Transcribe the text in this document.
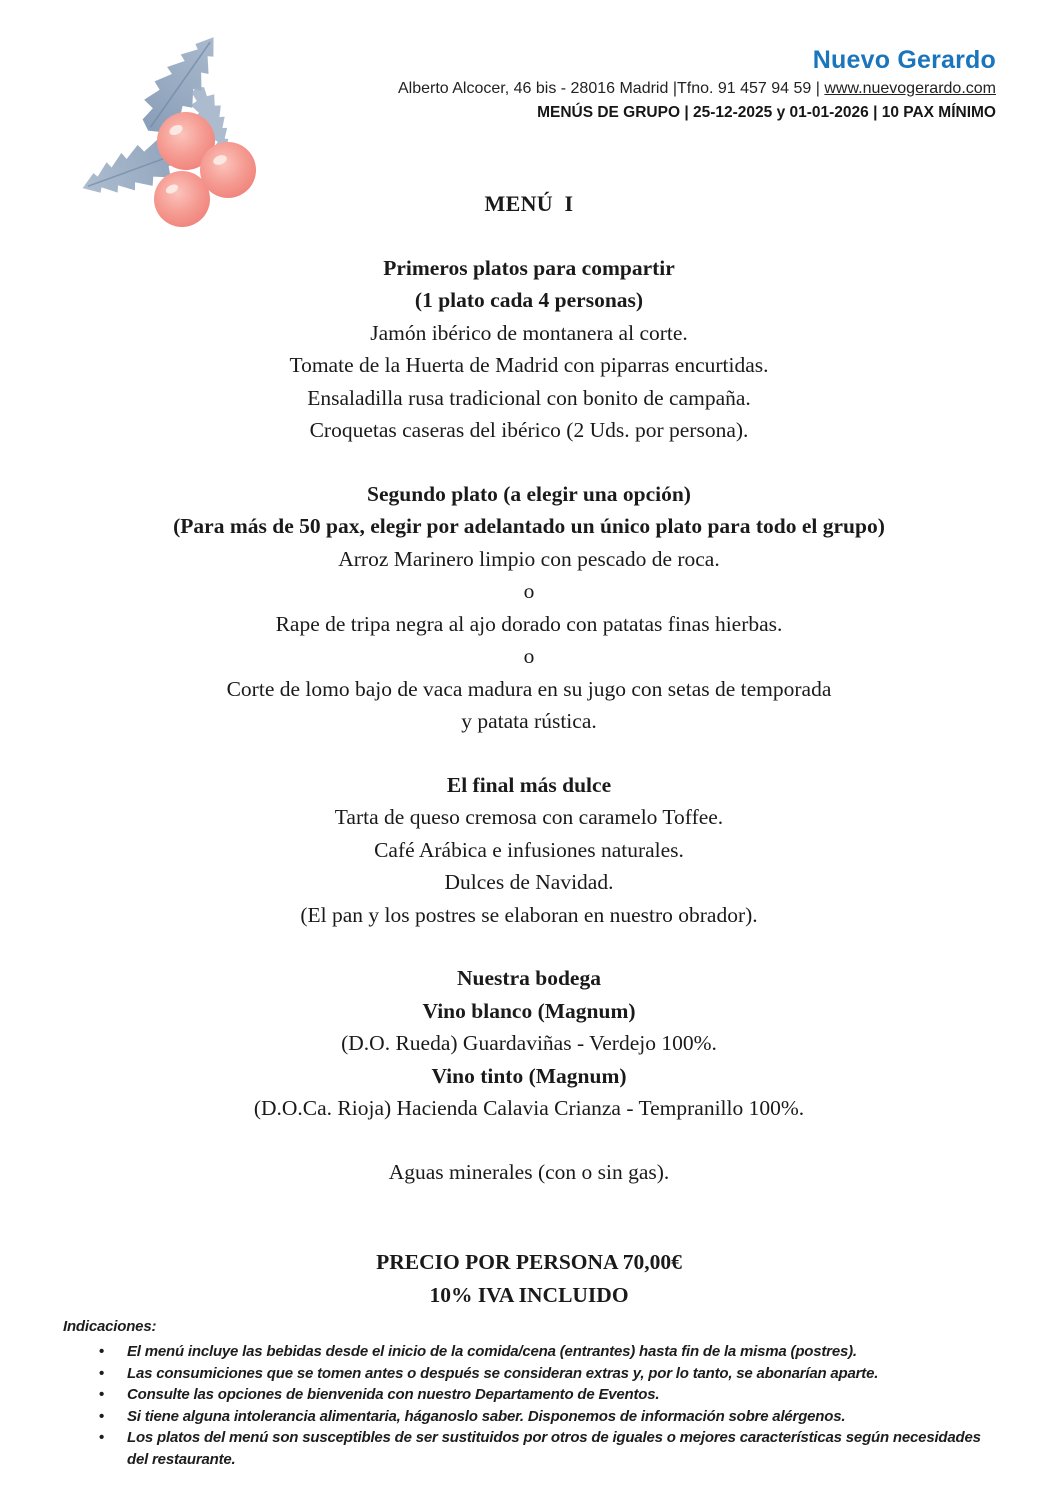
Nuevo Gerardo
Alberto Alcocer, 46 bis - 28016 Madrid |Tfno. 91 457 94 59 | www.nuevogerardo.com
MENÚS DE GRUPO | 25-12-2025 y 01-01-2026 | 10 PAX MÍNIMO
MENÚ  I
Primeros platos para compartir
(1 plato cada 4 personas)
Jamón ibérico de montanera al corte.
Tomate de la Huerta de Madrid con piparras encurtidas.
Ensaladilla rusa tradicional con bonito de campaña.
Croquetas caseras del ibérico (2 Uds. por persona).
Segundo plato (a elegir una opción)
(Para más de 50 pax, elegir por adelantado un único plato para todo el grupo)
Arroz Marinero limpio con pescado de roca.
o
Rape de tripa negra al ajo dorado con patatas finas hierbas.
o
Corte de lomo bajo de vaca madura en su jugo con setas de temporada
y patata rústica.
El final más dulce
Tarta de queso cremosa con caramelo Toffee.
Café Arábica e infusiones naturales.
Dulces de Navidad.
(El pan y los postres se elaboran en nuestro obrador).
Nuestra bodega
Vino blanco (Magnum)
(D.O. Rueda) Guardaviñas - Verdejo 100%.
Vino tinto (Magnum)
(D.O.Ca. Rioja) Hacienda Calavia Crianza - Tempranillo 100%.
Aguas minerales (con o sin gas).
PRECIO POR PERSONA 70,00€
10% IVA INCLUIDO
Indicaciones:
• El menú incluye las bebidas desde el inicio de la comida/cena (entrantes) hasta fin de la misma (postres).
• Las consumiciones que se tomen antes o después se consideran extras y, por lo tanto, se abonarían aparte.
• Consulte las opciones de bienvenida con nuestro Departamento de Eventos.
• Si tiene alguna intolerancia alimentaria, háganoslo saber. Disponemos de información sobre alérgenos.
• Los platos del menú son susceptibles de ser sustituidos por otros de iguales o mejores características según necesidades del restaurante.
